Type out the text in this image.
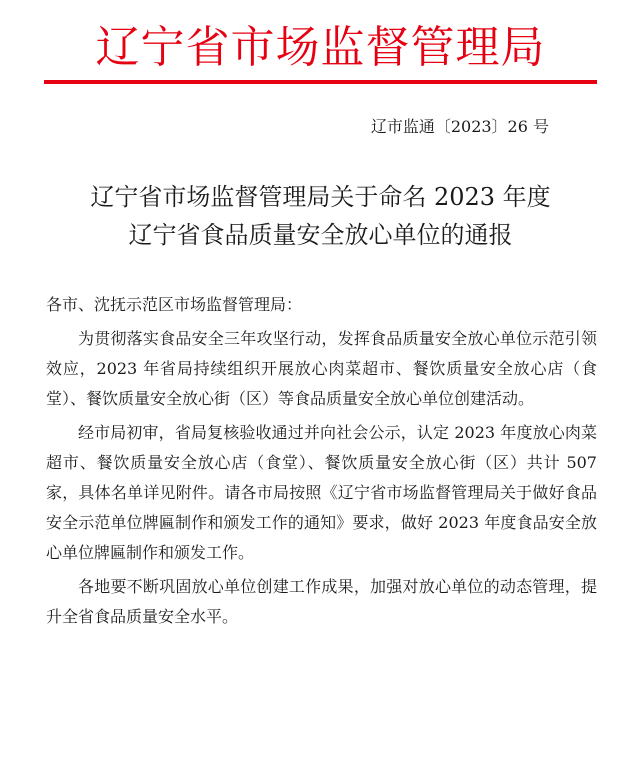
辽宁省市场监督管理局
辽市监通〔2023〕26 号
辽宁省市场监督管理局关于命名 2023 年度
辽宁省食品质量安全放心单位的通报

各市、沈抚示范区市场监督管理局：

为贯彻落实食品安全三年攻坚行动，发挥食品质量安全放心单位示范引领效应，2023 年省局持续组织开展放心肉菜超市、餐饮质量安全放心店（食堂）、餐饮质量安全放心街（区）等食品质量安全放心单位创建活动。

经市局初审，省局复核验收通过并向社会公示，认定 2023 年度放心肉菜超市、餐饮质量安全放心店（食堂）、餐饮质量安全放心街（区）共计 507 家，具体名单详见附件。请各市局按照《辽宁省市场监督管理局关于做好食品安全示范单位牌匾制作和颁发工作的通知》要求，做好 2023 年度食品安全放心单位牌匾制作和颁发工作。

各地要不断巩固放心单位创建工作成果，加强对放心单位的动态管理，提升全省食品质量安全水平。
